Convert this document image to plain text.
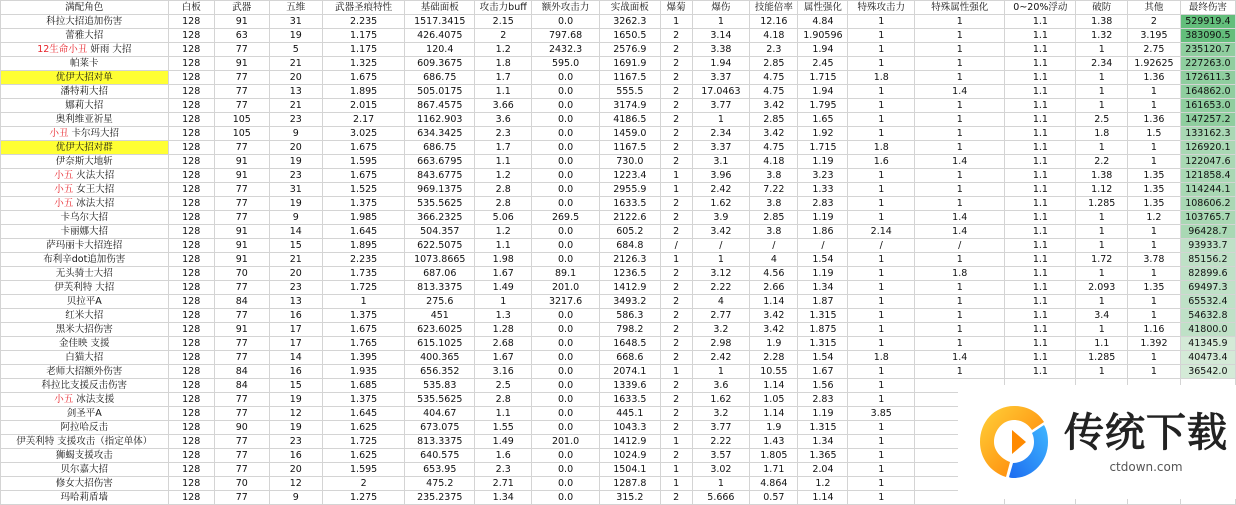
满配角色	白板	武器	五维	武器圣痕特性	基础面板	攻击力buff	额外攻击力	实战面板	爆菊	爆伤	技能倍率	属性强化	特殊攻击力	特殊属性强化	0~20%浮动	破防	其他	最终伤害
科拉大招追加伤害	128	91	31	2.235	1517.3415	2.15	0.0	3262.3	1	1	12.16	4.84	1	1	1.1	1.38	2	529919.4
蕾雅大招	128	63	19	1.175	426.4075	2	797.68	1650.5	2	3.14	4.18	1.90596	1	1	1.1	1.32	3.195	383090.5
12生命小丑 妍雨 大招	128	77	5	1.175	120.4	1.2	2432.3	2576.9	2	3.38	2.3	1.94	1	1	1.1	1	2.75	235120.7
帕莱卡	128	91	21	1.325	609.3675	1.8	595.0	1691.9	2	1.94	2.85	2.45	1	1	1.1	2.34	1.92625	227263.0
优伊大招对单	128	77	20	1.675	686.75	1.7	0.0	1167.5	2	3.37	4.75	1.715	1.8	1	1.1	1	1.36	172611.3
潘特莉大招	128	77	13	1.895	505.0175	1.1	0.0	555.5	2	17.0463	4.75	1.94	1	1.4	1.1	1	1	164862.0
娜莉大招	128	77	21	2.015	867.4575	3.66	0.0	3174.9	2	3.77	3.42	1.795	1	1	1.1	1	1	161653.0
奥利维亚祈星	128	105	23	2.17	1162.903	3.6	0.0	4186.5	2	1	2.85	1.65	1	1	1.1	2.5	1.36	147257.2
小丑 卡尔玛大招	128	105	9	3.025	634.3425	2.3	0.0	1459.0	2	2.34	3.42	1.92	1	1	1.1	1.8	1.5	133162.3
优伊大招对群	128	77	20	1.675	686.75	1.7	0.0	1167.5	2	3.37	4.75	1.715	1.8	1	1.1	1	1	126920.1
伊奈斯大地斩	128	91	19	1.595	663.6795	1.1	0.0	730.0	2	3.1	4.18	1.19	1.6	1.4	1.1	2.2	1	122047.6
小五 火法大招	128	91	23	1.675	843.6775	1.2	0.0	1223.4	1	3.96	3.8	3.23	1	1	1.1	1.38	1.35	121858.4
小五 女王大招	128	77	31	1.525	969.1375	2.8	0.0	2955.9	1	2.42	7.22	1.33	1	1	1.1	1.12	1.35	114244.1
小五 冰法大招	128	77	19	1.375	535.5625	2.8	0.0	1633.5	2	1.62	3.8	2.83	1	1	1.1	1.285	1.35	108606.2
卡乌尔大招	128	77	9	1.985	366.2325	5.06	269.5	2122.6	2	3.9	2.85	1.19	1	1.4	1.1	1	1.2	103765.7
卡丽娜大招	128	91	14	1.645	504.357	1.2	0.0	605.2	2	3.42	3.8	1.86	2.14	1.4	1.1	1	1	96428.7
萨玛丽卡大招连招	128	91	15	1.895	622.5075	1.1	0.0	684.8	/	/	/	/	/	/	1.1	1	1	93933.7
布利辛dot追加伤害	128	91	21	2.235	1073.8665	1.98	0.0	2126.3	1	1	4	1.54	1	1	1.1	1.72	3.78	85156.2
无头骑士大招	128	70	20	1.735	687.06	1.67	89.1	1236.5	2	3.12	4.56	1.19	1	1.8	1.1	1	1	82899.6
伊芙利特 大招	128	77	23	1.725	813.3375	1.49	201.0	1412.9	2	2.22	2.66	1.34	1	1	1.1	2.093	1.35	69497.3
贝拉平A	128	84	13	1	275.6	1	3217.6	3493.2	2	4	1.14	1.87	1	1	1.1	1	1	65532.4
红米大招	128	77	16	1.375	451	1.3	0.0	586.3	2	2.77	3.42	1.315	1	1	1.1	3.4	1	54632.8
黑米大招伤害	128	91	17	1.675	623.6025	1.28	0.0	798.2	2	3.2	3.42	1.875	1	1	1.1	1	1.16	41800.0
金佳映 支援	128	77	17	1.765	615.1025	2.68	0.0	1648.5	2	2.98	1.9	1.315	1	1	1.1	1.1	1.392	41345.9
白猫大招	128	77	14	1.395	400.365	1.67	0.0	668.6	2	2.42	2.28	1.54	1.8	1.4	1.1	1.285	1	40473.4
老师大招额外伤害	128	84	16	1.935	656.352	3.16	0.0	2074.1	1	1	10.55	1.67	1	1	1.1	1	1	36542.0
科拉比支援反击伤害	128	84	15	1.685	535.83	2.5	0.0	1339.6	2	3.6	1.14	1.56	1					
小五 冰法支援	128	77	19	1.375	535.5625	2.8	0.0	1633.5	2	1.62	1.05	2.83	1					
剑圣平A	128	77	12	1.645	404.67	1.1	0.0	445.1	2	3.2	1.14	1.19	3.85					
阿拉哈反击	128	90	19	1.625	673.075	1.55	0.0	1043.3	2	3.77	1.9	1.315	1					
伊芙利特 支援攻击（指定单体）	128	77	23	1.725	813.3375	1.49	201.0	1412.9	1	2.22	1.43	1.34	1					
狮蝎支援攻击	128	77	16	1.625	640.575	1.6	0.0	1024.9	2	3.57	1.805	1.365	1					
贝尔嘉大招	128	77	20	1.595	653.95	2.3	0.0	1504.1	1	3.02	1.71	2.04	1					
修女大招伤害	128	70	12	2	475.2	2.71	0.0	1287.8	1	1	4.864	1.2	1					
玛哈莉盾墙	128	77	9	1.275	235.2375	1.34	0.0	315.2	2	5.666	0.57	1.14	1					
传统下载
ctdown.com
